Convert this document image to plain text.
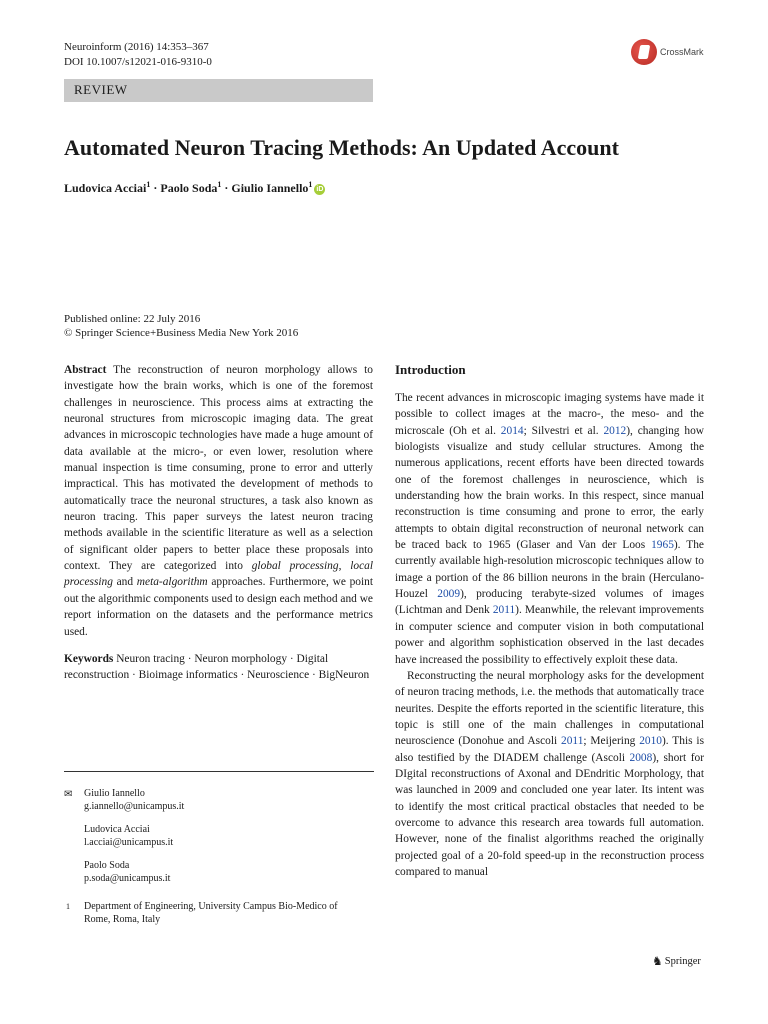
Neuroinform (2016) 14:353–367
DOI 10.1007/s12021-016-9310-0
CrossMark
REVIEW
Automated Neuron Tracing Methods: An Updated Account
Ludovica Acciai$^1$ · Paolo Soda$^1$ · Giulio Iannello$^1$iD
Published online: 22 July 2016
© Springer Science+Business Media New York 2016

Abstract The reconstruction of neuron morphology allows to investigate how the brain works, which is one of the foremost challenges in neuroscience. This process aims at extracting the neuronal structures from microscopic imaging data. The great advances in microscopic technologies have made a huge amount of data available at the micro-, or even lower, resolution where manual inspection is time consuming, prone to error and utterly impractical. This has motivated the development of methods to automatically trace the neuronal structures, a task also known as neuron tracing. This paper surveys the latest neuron tracing methods available in the scientific literature as well as a selection of significant older papers to better place these proposals into context. They are categorized into global processing, local processing and meta-algorithm approaches. Furthermore, we point out the algorithmic components used to design each method and we report information on the datasets and the performance metrics used.

Keywords Neuron tracing · Neuron morphology · Digital reconstruction · Bioimage informatics · Neuroscience · BigNeuron

✉ Giulio Iannello
g.iannello@unicampus.it
Ludovica Acciai
l.acciai@unicampus.it
Paolo Soda
p.soda@unicampus.it
1 Department of Engineering, University Campus Bio-Medico of Rome, Roma, Italy
Introduction

The recent advances in microscopic imaging systems have made it possible to collect images at the macro-, the meso- and the microscale (Oh et al. 2014; Silvestri et al. 2012), changing how biologists visualize and study cellular structures. Among the numerous applications, recent efforts have been directed towards one of the foremost challenges in neuroscience, which is understanding how the brain works. In this respect, since manual reconstruction is time consuming and prone to error, the early attempts to obtain digital reconstruction of neuronal network can be traced back to 1965 (Glaser and Van der Loos 1965). The currently available high-resolution microscopic techniques allow to image a portion of the 86 billion neurons in the brain (Herculano-Houzel 2009), producing terabyte-sized volumes of images (Lichtman and Denk 2011). Meanwhile, the relevant improvements in computer science and computer vision in both computational power and algorithm sophistication observed in the last decades have increased the possibility to effectively exploit these data.

Reconstructing the neural morphology asks for the development of neuron tracing methods, i.e. the methods that automatically trace neurites. Despite the efforts reported in the scientific literature, this topic is still one of the main challenges in computational neuroscience (Donohue and Ascoli 2011; Meijering 2010). This is also testified by the DIADEM challenge (Ascoli 2008), short for DIgital reconstructions of Axonal and DEndritic Morphology, that was launched in 2009 and concluded one year later. Its intent was to identify the most critical practical obstacles that needed to be overcome to advance this research area towards full automation. However, none of the finalist algorithms reached the originally projected goal of a 20-fold speed-up in the reconstruction process compared to manual

♞ Springer
